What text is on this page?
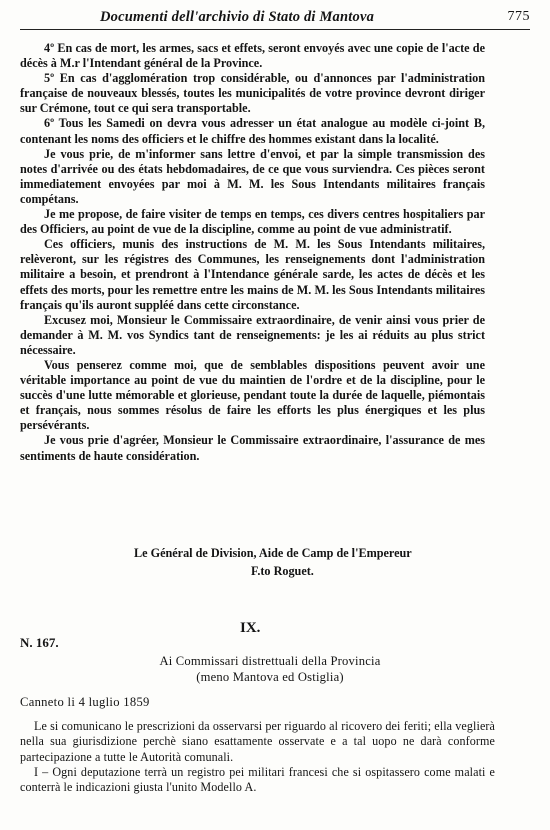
Documenti dell'archivio di Stato di Mantova	775

4º En cas de mort, les armes, sacs et effets, seront envoyés avec une copie de l'acte de décès à M.r l'Intendant général de la Province.

5º En cas d'agglomération trop considérable, ou d'annonces par l'administration française de nouveaux blessés, toutes les municipalités de votre province devront diriger sur Crémone, tout ce qui sera transportable.

6º Tous les Samedi on devra vous adresser un état analogue au modèle ci-joint B, contenant les noms des officiers et le chiffre des hommes existant dans la localité.

Je vous prie, de m'informer sans lettre d'envoi, et par la simple transmission des notes d'arrivée ou des états hebdomadaires, de ce que vous surviendra. Ces pièces seront immediatement envoyées par moi à M. M. les Sous Intendants militaires français compétans.

Je me propose, de faire visiter de temps en temps, ces divers centres hospitaliers par des Officiers, au point de vue de la discipline, comme au point de vue administratif.

Ces officiers, munis des instructions de M. M. les Sous Intendants militaires, relèveront, sur les régistres des Communes, les renseignements dont l'administration militaire a besoin, et prendront à l'Intendance générale sarde, les actes de décès et les effets des morts, pour les remettre entre les mains de M. M. les Sous Intendants militaires français qu'ils auront suppléé dans cette circonstance.

Excusez moi, Monsieur le Commissaire extraordinaire, de venir ainsi vous prier de demander à M. M. vos Syndics tant de renseignements: je les ai réduits au plus strict nécessaire.

Vous penserez comme moi, que de semblables dispositions peuvent avoir une véritable importance au point de vue du maintien de l'ordre et de la discipline, pour le succès d'une lutte mémorable et glorieuse, pendant toute la durée de laquelle, piémontais et français, nous sommes résolus de faire les efforts les plus énergiques et les plus persévérants.

Je vous prie d'agréer, Monsieur le Commissaire extraordinaire, l'assurance de mes sentiments de haute considération.

Le Général de Division, Aide de Camp de l'Empereur
F.to Roguet.
IX.
N. 167.
Ai Commissari distrettuali della Provincia
(meno Mantova ed Ostiglia)
Canneto li 4 luglio 1859

Le si comunicano le prescrizioni da osservarsi per riguardo al ricovero dei feriti; ella veglierà nella sua giurisdizione perchè siano esattamente osservate e a tal uopo ne darà conforme partecipazione a tutte le Autorità comunali.

I – Ogni deputazione terrà un registro pei militari francesi che si ospitassero come malati e conterrà le indicazioni giusta l'unito Modello A.
